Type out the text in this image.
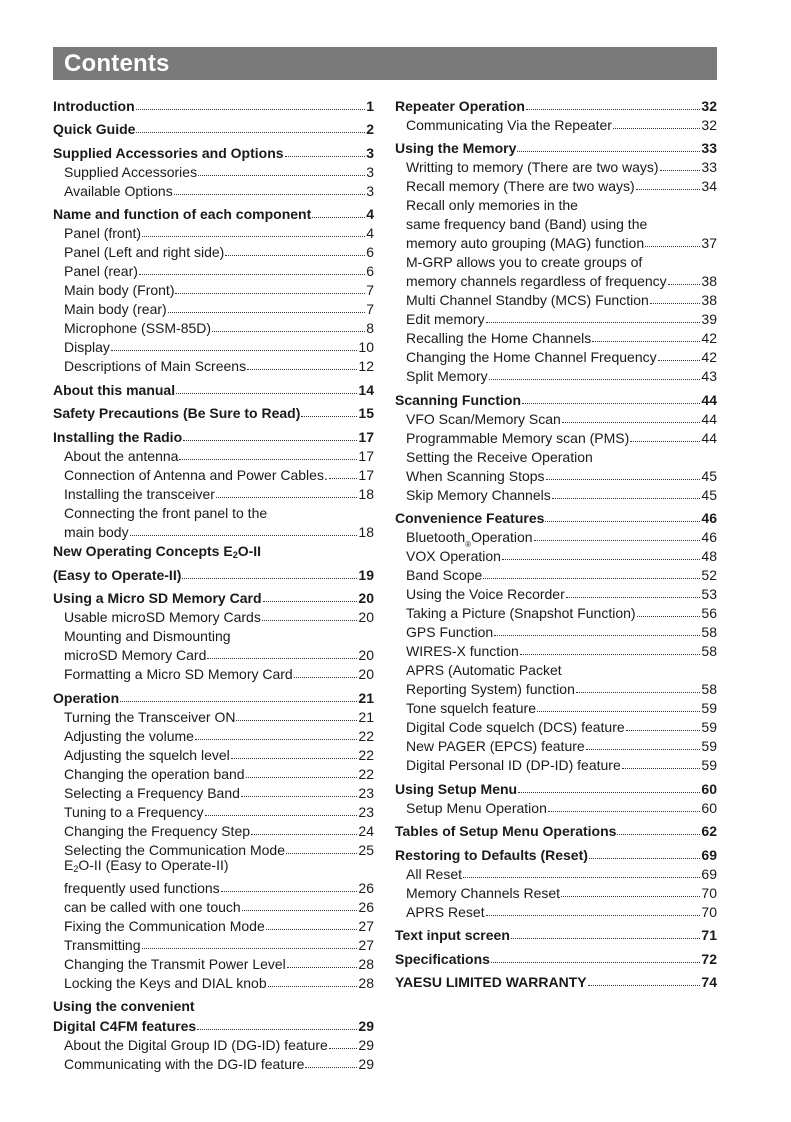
Contents
Introduction	1
Quick Guide	2
Supplied Accessories and Options	3
Supplied Accessories	3
Available Options	3
Name and function of each component	4
Panel (front)	4
Panel (Left and right side)	6
Panel (rear)	6
Main body (Front)	7
Main body (rear)	7
Microphone (SSM-85D)	8
Display	10
Descriptions of Main Screens	12
About this manual	14
Safety Precautions (Be Sure to Read)	15
Installing the Radio	17
About the antenna	17
Connection of Antenna and Power Cables. 17
Installing the transceiver	18
Connecting the front panel to the
main body	18
New Operating Concepts E2O-II
(Easy to Operate-II)	19
Using a Micro SD Memory Card	20
Usable microSD Memory Cards	20
Mounting and Dismounting
microSD Memory Card	20
Formatting a Micro SD Memory Card	20
Operation	21
Turning the Transceiver ON	21
Adjusting the volume	22
Adjusting the squelch level	22
Changing the operation band	22
Selecting a Frequency Band	23
Tuning to a Frequency	23
Changing the Frequency Step	24
Selecting the Communication Mode	25
E2O-II (Easy to Operate-II)
frequently used functions	26
can be called with one touch	26
Fixing the Communication Mode	27
Transmitting	27
Changing the Transmit Power Level	28
Locking the Keys and DIAL knob	28
Using the convenient
Digital C4FM features	29
About the Digital Group ID (DG-ID) feature 29
Communicating with the DG-ID feature	29
Repeater Operation	32
Communicating Via the Repeater	32
Using the Memory	33
Writting to memory (There are two ways)	33
Recall memory (There are two ways)	34
Recall only memories in the
same frequency band (Band) using the
memory auto grouping (MAG) function	37
M-GRP allows you to create groups of
memory channels regardless of frequency 38
Multi Channel Standby (MCS) Function	38
Edit memory	39
Recalling the Home Channels	42
Changing the Home Channel Frequency	42
Split Memory	43
Scanning Function	44
VFO Scan/Memory Scan	44
Programmable Memory scan (PMS)	44
Setting the Receive Operation
When Scanning Stops	45
Skip Memory Channels	45
Convenience Features	46
Bluetooth ® Operation	46
VOX Operation	48
Band Scope	52
Using the Voice Recorder	53
Taking a Picture (Snapshot Function)	56
GPS Function	58
WIRES-X function	58
APRS (Automatic Packet
Reporting System) function	58
Tone squelch feature	59
Digital Code squelch (DCS) feature	59
New PAGER (EPCS) feature	59
Digital Personal ID (DP-ID) feature	59
Using Setup Menu	60
Setup Menu Operation	60
Tables of Setup Menu Operations	62
Restoring to Defaults (Reset)	69
All Reset	69
Memory Channels Reset	70
APRS Reset	70
Text input screen	71
Specifications	72
YAESU LIMITED WARRANTY	74
